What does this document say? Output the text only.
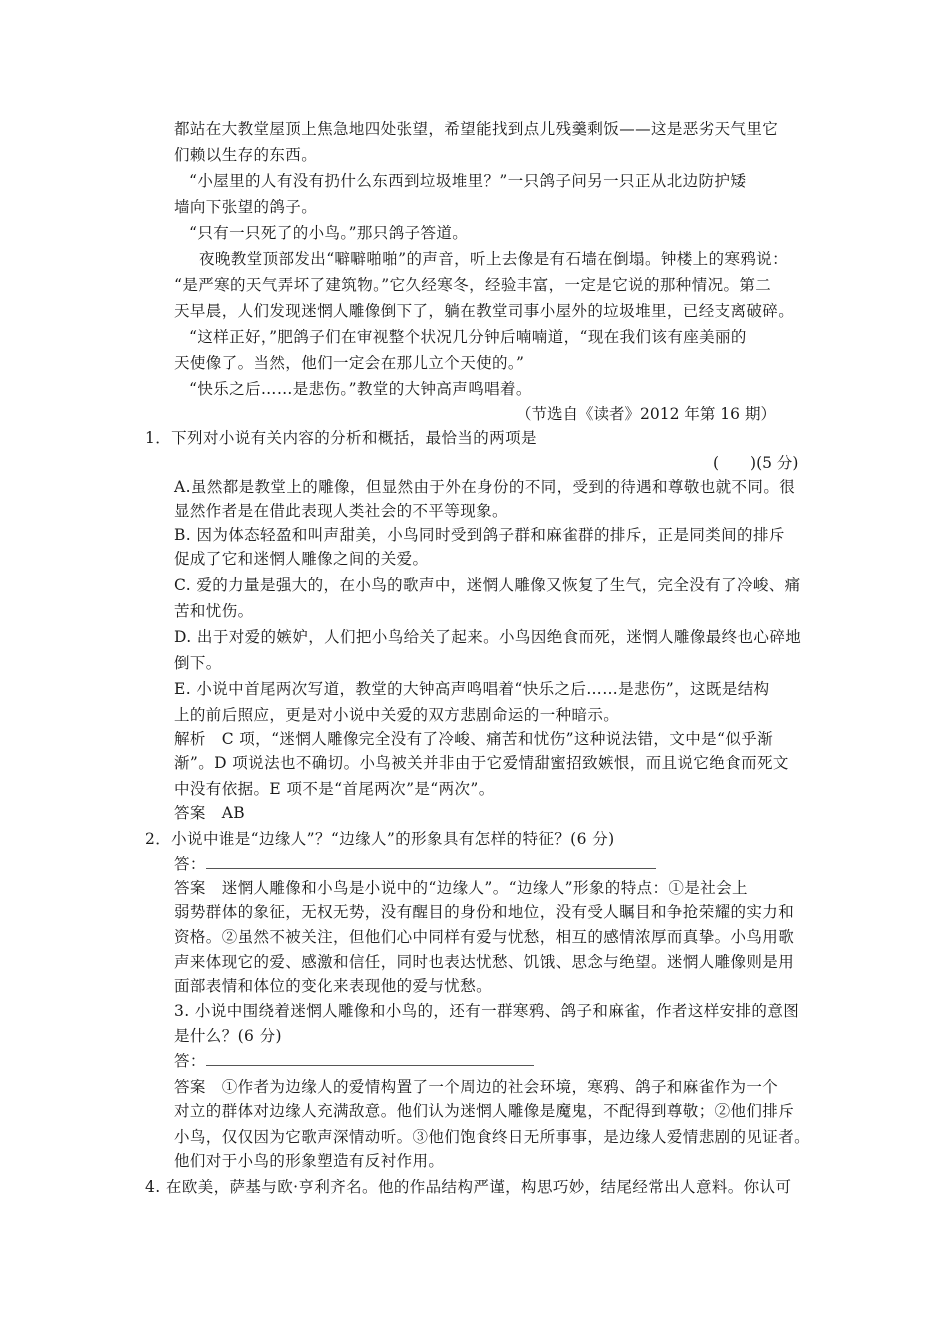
都站在大教堂屋顶上焦急地四处张望，希望能找到点儿残羹剩饭——这是恶劣天气里它
们赖以生存的东西。
“小屋里的人有没有扔什么东西到垃圾堆里？”一只鸽子问另一只正从北边防护矮
墙向下张望的鸽子。
“只有一只死了的小鸟。”那只鸽子答道。
夜晚教堂顶部发出“噼噼啪啪”的声音，听上去像是有石墙在倒塌。钟楼上的寒鸦说：
“是严寒的天气弄坏了建筑物。”它久经寒冬，经验丰富，一定是它说的那种情况。第二
天早晨，人们发现迷惘人雕像倒下了，躺在教堂司事小屋外的垃圾堆里，已经支离破碎。
“这样正好，”肥鸽子们在审视整个状况几分钟后喃喃道，“现在我们该有座美丽的
天使像了。当然，他们一定会在那儿立个天使的。”
“快乐之后……是悲伤。”教堂的大钟高声鸣唱着。
（节选自《读者》2012 年第 16 期）
1．下列对小说有关内容的分析和概括，最恰当的两项是
(　　)(5 分)
A.虽然都是教堂上的雕像，但显然由于外在身份的不同，受到的待遇和尊敬也就不同。很
显然作者是在借此表现人类社会的不平等现象。
B. 因为体态轻盈和叫声甜美，小鸟同时受到鸽子群和麻雀群的排斥，正是同类间的排斥
促成了它和迷惘人雕像之间的关爱。
C. 爱的力量是强大的，在小鸟的歌声中，迷惘人雕像又恢复了生气，完全没有了冷峻、痛
苦和忧伤。
D. 出于对爱的嫉妒，人们把小鸟给关了起来。小鸟因绝食而死，迷惘人雕像最终也心碎地
倒下。
E. 小说中首尾两次写道，教堂的大钟高声鸣唱着“快乐之后……是悲伤”，这既是结构
上的前后照应，更是对小说中关爱的双方悲剧命运的一种暗示。
解析　C 项，“迷惘人雕像完全没有了冷峻、痛苦和忧伤”这种说法错，文中是“似乎渐
渐”。D 项说法也不确切。小鸟被关并非由于它爱情甜蜜招致嫉恨，而且说它绝食而死文
中没有依据。E 项不是“首尾两次”是“两次”。
答案　AB
2．小说中谁是“边缘人”？“边缘人”的形象具有怎样的特征？(6 分)
答：
答案　迷惘人雕像和小鸟是小说中的“边缘人”。“边缘人”形象的特点：①是社会上
弱势群体的象征，无权无势，没有醒目的身份和地位，没有受人瞩目和争抢荣耀的实力和
资格。②虽然不被关注，但他们心中同样有爱与忧愁，相互的感情浓厚而真挚。小鸟用歌
声来体现它的爱、感激和信任，同时也表达忧愁、饥饿、思念与绝望。迷惘人雕像则是用
面部表情和体位的变化来表现他的爱与忧愁。
3. 小说中围绕着迷惘人雕像和小鸟的，还有一群寒鸦、鸽子和麻雀，作者这样安排的意图
是什么？(6 分)
答：
答案　①作者为边缘人的爱情构置了一个周边的社会环境，寒鸦、鸽子和麻雀作为一个
对立的群体对边缘人充满敌意。他们认为迷惘人雕像是魔鬼，不配得到尊敬；②他们排斥
小鸟，仅仅因为它歌声深情动听。③他们饱食终日无所事事，是边缘人爱情悲剧的见证者。
他们对于小鸟的形象塑造有反衬作用。
4. 在欧美，萨基与欧·亨利齐名。他的作品结构严谨，构思巧妙，结尾经常出人意料。你认可
